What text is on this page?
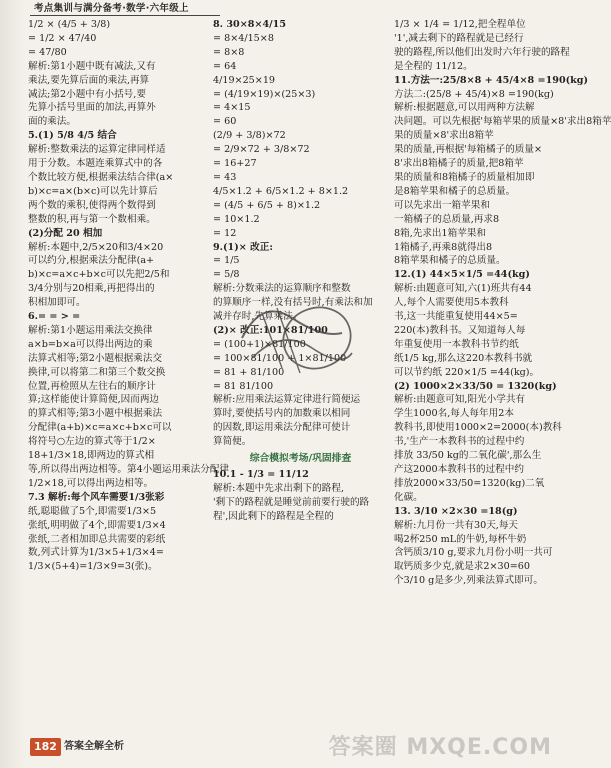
考点集训与满分备考·数学·六年级上

1/2 × (4/5 + 3/8)

= 1/2 × 47/40

= 47/80

解析:第1小题中既有减法,又有

乘法,要先算后面的乘法,再算

减法;第2小题中有小括号,要

先算小括号里面的加法,再算外

面的乘法。

5.(1) 5/8 4/5 结合

解析:整数乘法的运算定律同样适

用于分数。本题连乘算式中的各

个数比较方便,根据乘法结合律(a×

b)×c=a×(b×c)可以先计算后

两个数的乘积,使得两个数得到

整数的积,再与第一个数相乘。

(2)分配 20 相加

解析:本题中,2/5×20和3/4×20

可以约分,根据乘法分配律(a+

b)×c=a×c+b×c可以先把2/5和

3/4分别与20相乘,再把得出的

积相加即可。

6.= = > =

解析:第1小题运用乘法交换律

a×b=b×a可以得出两边的乘

法算式相等;第2小题根据乘法交

换律,可以将第二和第三个数交换

位置,再检照从左往右的顺序计

算;这样能使计算简便,因而两边

的算式相等;第3小题中根据乘法

分配律(a+b)×c=a×c+b×c可以

将符号○左边的算式等于1/2×

18+1/3×18,即两边的算式相

等,所以得出两边相等。第4小题运用乘法分配律

1/2×18,可以得出两边相等。

7.3 解析:每个风车需要1/3张彩

纸,聪聪做了5个,即需要1/3×5

张纸,明明做了4个,即需要1/3×4

张纸,二者相加即总共需要的彩纸

数,列式计算为1/3×5+1/3×4=

1/3×(5+4)=1/3×9=3(张)。

8. 30×8×4/15

= 8×4/15×8

= 8×8

= 64

4/19×25×19

= (4/19×19)×(25×3)

= 4×15

= 60

(2/9 + 3/8)×72

= 2/9×72 + 3/8×72

= 16+27

= 43

4/5×1.2 + 6/5×1.2 + 8×1.2

= (4/5 + 6/5 + 8)×1.2

= 10×1.2

= 12

9.(1)× 改正:

= 1/5

= 5/8

解析:分数乘法的运算顺序和整数

的算顺序一样,没有括号时,有乘法和加

减并存时,先算乘法。

(2)× 改正:101×81/100

= (100+1)×81/100

= 100×81/100 + 1×81/100

= 81 + 81/100

= 81 81/100

解析:应用乘法运算定律进行简便运

算时,要使括号内的加数乘以相同

的因数,即运用乘法分配律可使计

算简便。

综合模拟考场/巩固排查

10.1 - 1/3 = 11/12

解析:本题中先求出剩下的路程,

'剩下的路程就是睡觉前前要行驶的路

程',因此剩下的路程是全程的

1/3 × 1/4 = 1/12,把全程单位

'1',减去剩下的路程就是已经行

驶的路程,所以他们出发时六年行驶的路程

是全程的 11/12。

11.方法一:25/8×8 + 45/4×8 =190(kg)

方法二:(25/8 + 45/4)×8 =190(kg)

解析:根据题意,可以用两种方法解

决问题。可以先根据'每箱苹果的质量×8'求出8箱苹

果的质量×8'求出8箱苹

果的质量,再根据'每箱橘子的质量×

8'求出8箱橘子的质量,把8箱苹

果的质量和8箱橘子的质量相加即

是8箱苹果和橘子的总质量。

可以先求出一箱苹果和

一箱橘子的总质量,再求8

8箱,先求出1箱苹果和

1箱橘子,再乘8就得出8

8箱苹果和橘子的总质量。

12.(1) 44×5×1/5 =44(kg)

解析:由题意可知,六(1)班共有44

人,每个人需要使用5本教科

书,这一共能重复使用44×5=

220(本)教科书。又知道每人每

年重复使用一本教科书节约纸

纸1/5 kg,那么这220本教科书就

可以节约纸 220×1/5 =44(kg)。

(2) 1000×2×33/50 = 1320(kg)

解析:由题意可知,阳光小学共有

学生1000名,每人每年用2本

教科书,即使用1000×2=2000(本)教科

书,'生产一本教科书的过程中约

排放 33/50 kg的二氧化碳',那么生

产这2000本教科书的过程中约

排放2000×33/50=1320(kg)二氧

化碳。

13. 3/10 ×2×30 =18(g)

解析:九月份一共有30天,每天

喝2杯250 mL的牛奶,每杯牛奶

含钙质3/10 g,要求九月份小明一共可

取钙质多少克,就是求2×30=60

个3/10 g是多少,列乘法算式即可。

182 答案全解全析	答案圈 MXQE.COM
